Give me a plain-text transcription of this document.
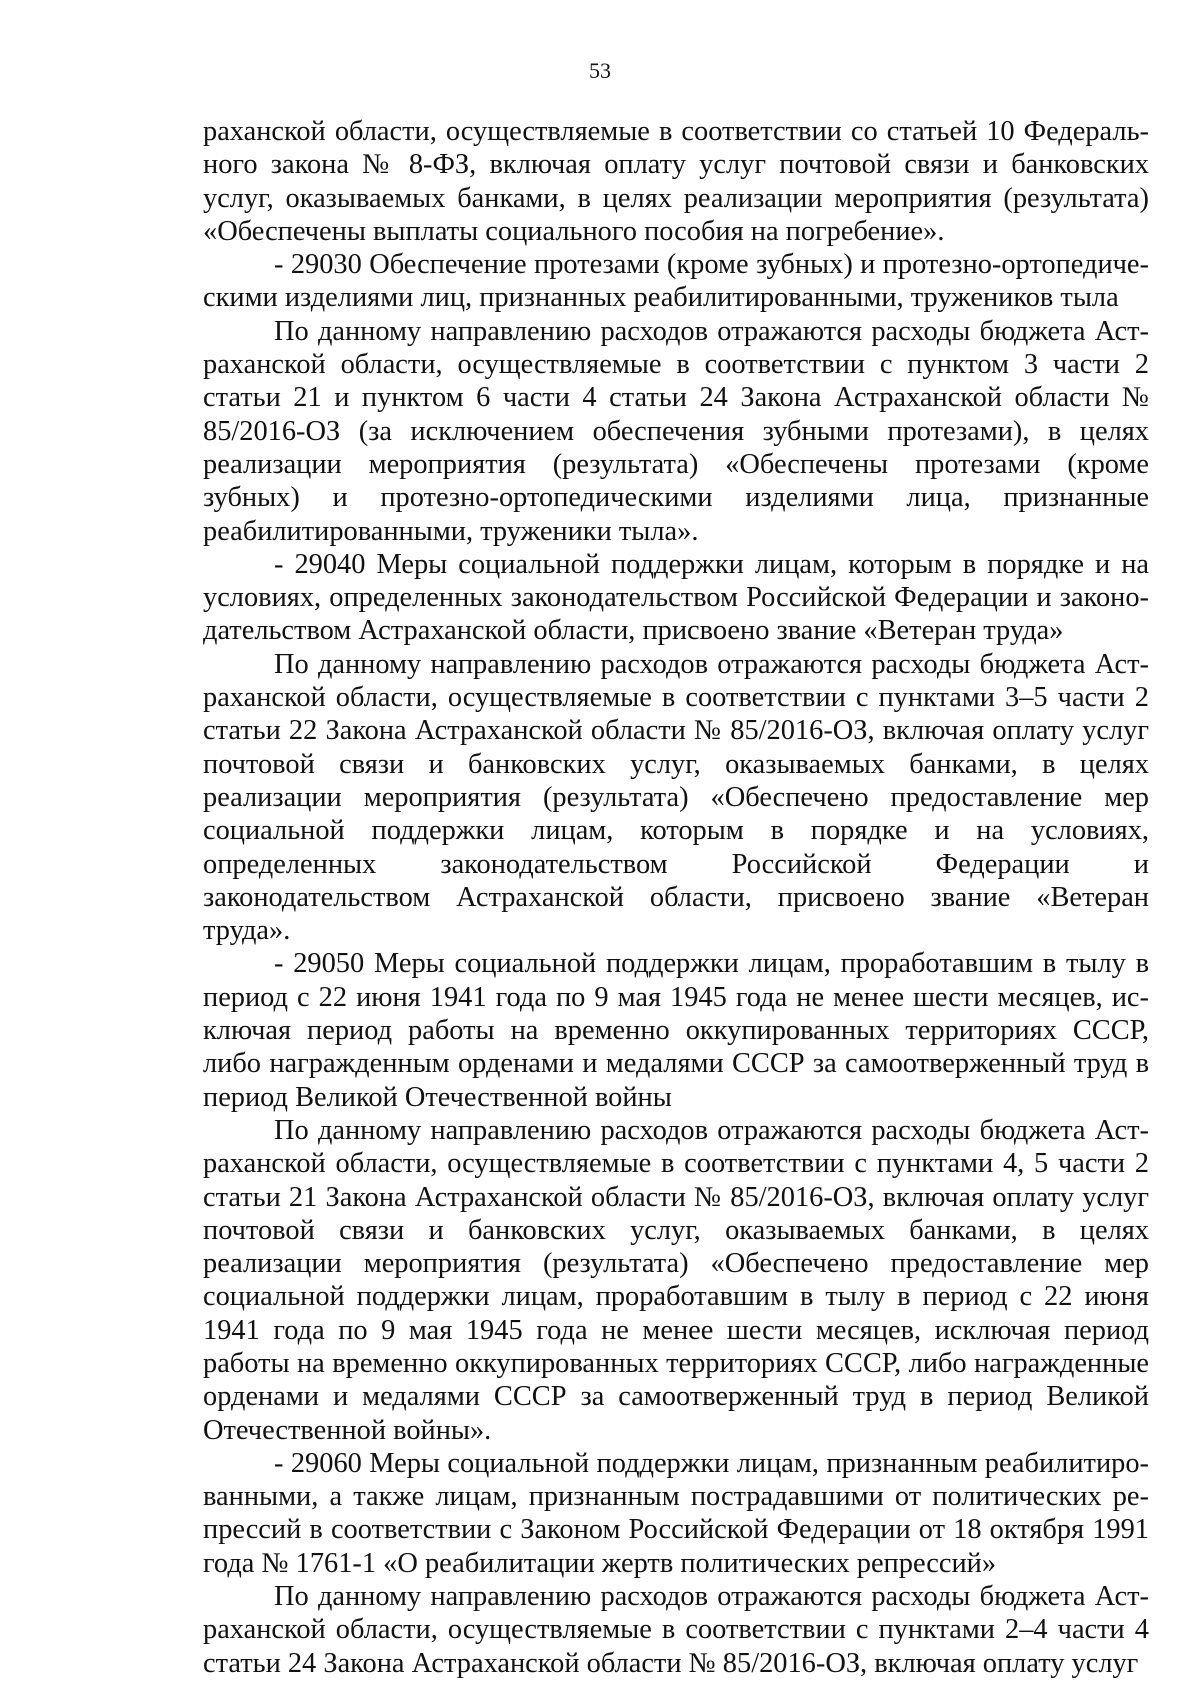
53

раханской области, осуществляемые в соответствии со статьей 10 Федерального закона № 8-ФЗ, включая оплату услуг почтовой связи и банковских услуг, оказываемых банками, в целях реализации мероприятия (результата) «Обеспечены выплаты социального пособия на погребение».

- 29030 Обеспечение протезами (кроме зубных) и протезно-ортопедическими изделиями лиц, признанных реабилитированными, тружеников тыла

По данному направлению расходов отражаются расходы бюджета Астраханской области, осуществляемые в соответствии с пунктом 3 части 2 статьи 21 и пунктом 6 части 4 статьи 24 Закона Астраханской области № 85/2016-ОЗ (за исключением обеспечения зубными протезами), в целях реализации мероприятия (результата) «Обеспечены протезами (кроме зубных) и протезно-ортопедическими изделиями лица, признанные реабилитированными, труженики тыла».

- 29040 Меры социальной поддержки лицам, которым в порядке и на условиях, определенных законодательством Российской Федерации и законодательством Астраханской области, присвоено звание «Ветеран труда»

По данному направлению расходов отражаются расходы бюджета Астраханской области, осуществляемые в соответствии с пунктами 3–5 части 2 статьи 22 Закона Астраханской области № 85/2016-ОЗ, включая оплату услуг почтовой связи и банковских услуг, оказываемых банками, в целях реализации мероприятия (результата) «Обеспечено предоставление мер социальной поддержки лицам, которым в порядке и на условиях, определенных законодательством Российской Федерации и законодательством Астраханской области, присвоено звание «Ветеран труда».

- 29050 Меры социальной поддержки лицам, проработавшим в тылу в период с 22 июня 1941 года по 9 мая 1945 года не менее шести месяцев, исключая период работы на временно оккупированных территориях СССР, либо награжденным орденами и медалями СССР за самоотверженный труд в период Великой Отечественной войны

По данному направлению расходов отражаются расходы бюджета Астраханской области, осуществляемые в соответствии с пунктами 4, 5 части 2 статьи 21 Закона Астраханской области № 85/2016-ОЗ, включая оплату услуг почтовой связи и банковских услуг, оказываемых банками, в целях реализации мероприятия (результата) «Обеспечено предоставление мер социальной поддержки лицам, проработавшим в тылу в период с 22 июня 1941 года по 9 мая 1945 года не менее шести месяцев, исключая период работы на временно оккупированных территориях СССР, либо награжденные орденами и медалями СССР за самоотверженный труд в период Великой Отечественной войны».

- 29060 Меры социальной поддержки лицам, признанным реабилитированными, а также лицам, признанным пострадавшими от политических репрессий в соответствии с Законом Российской Федерации от 18 октября 1991 года № 1761-1 «О реабилитации жертв политических репрессий»

По данному направлению расходов отражаются расходы бюджета Астраханской области, осуществляемые в соответствии с пунктами 2–4 части 4 статьи 24 Закона Астраханской области № 85/2016-ОЗ, включая оплату услуг
